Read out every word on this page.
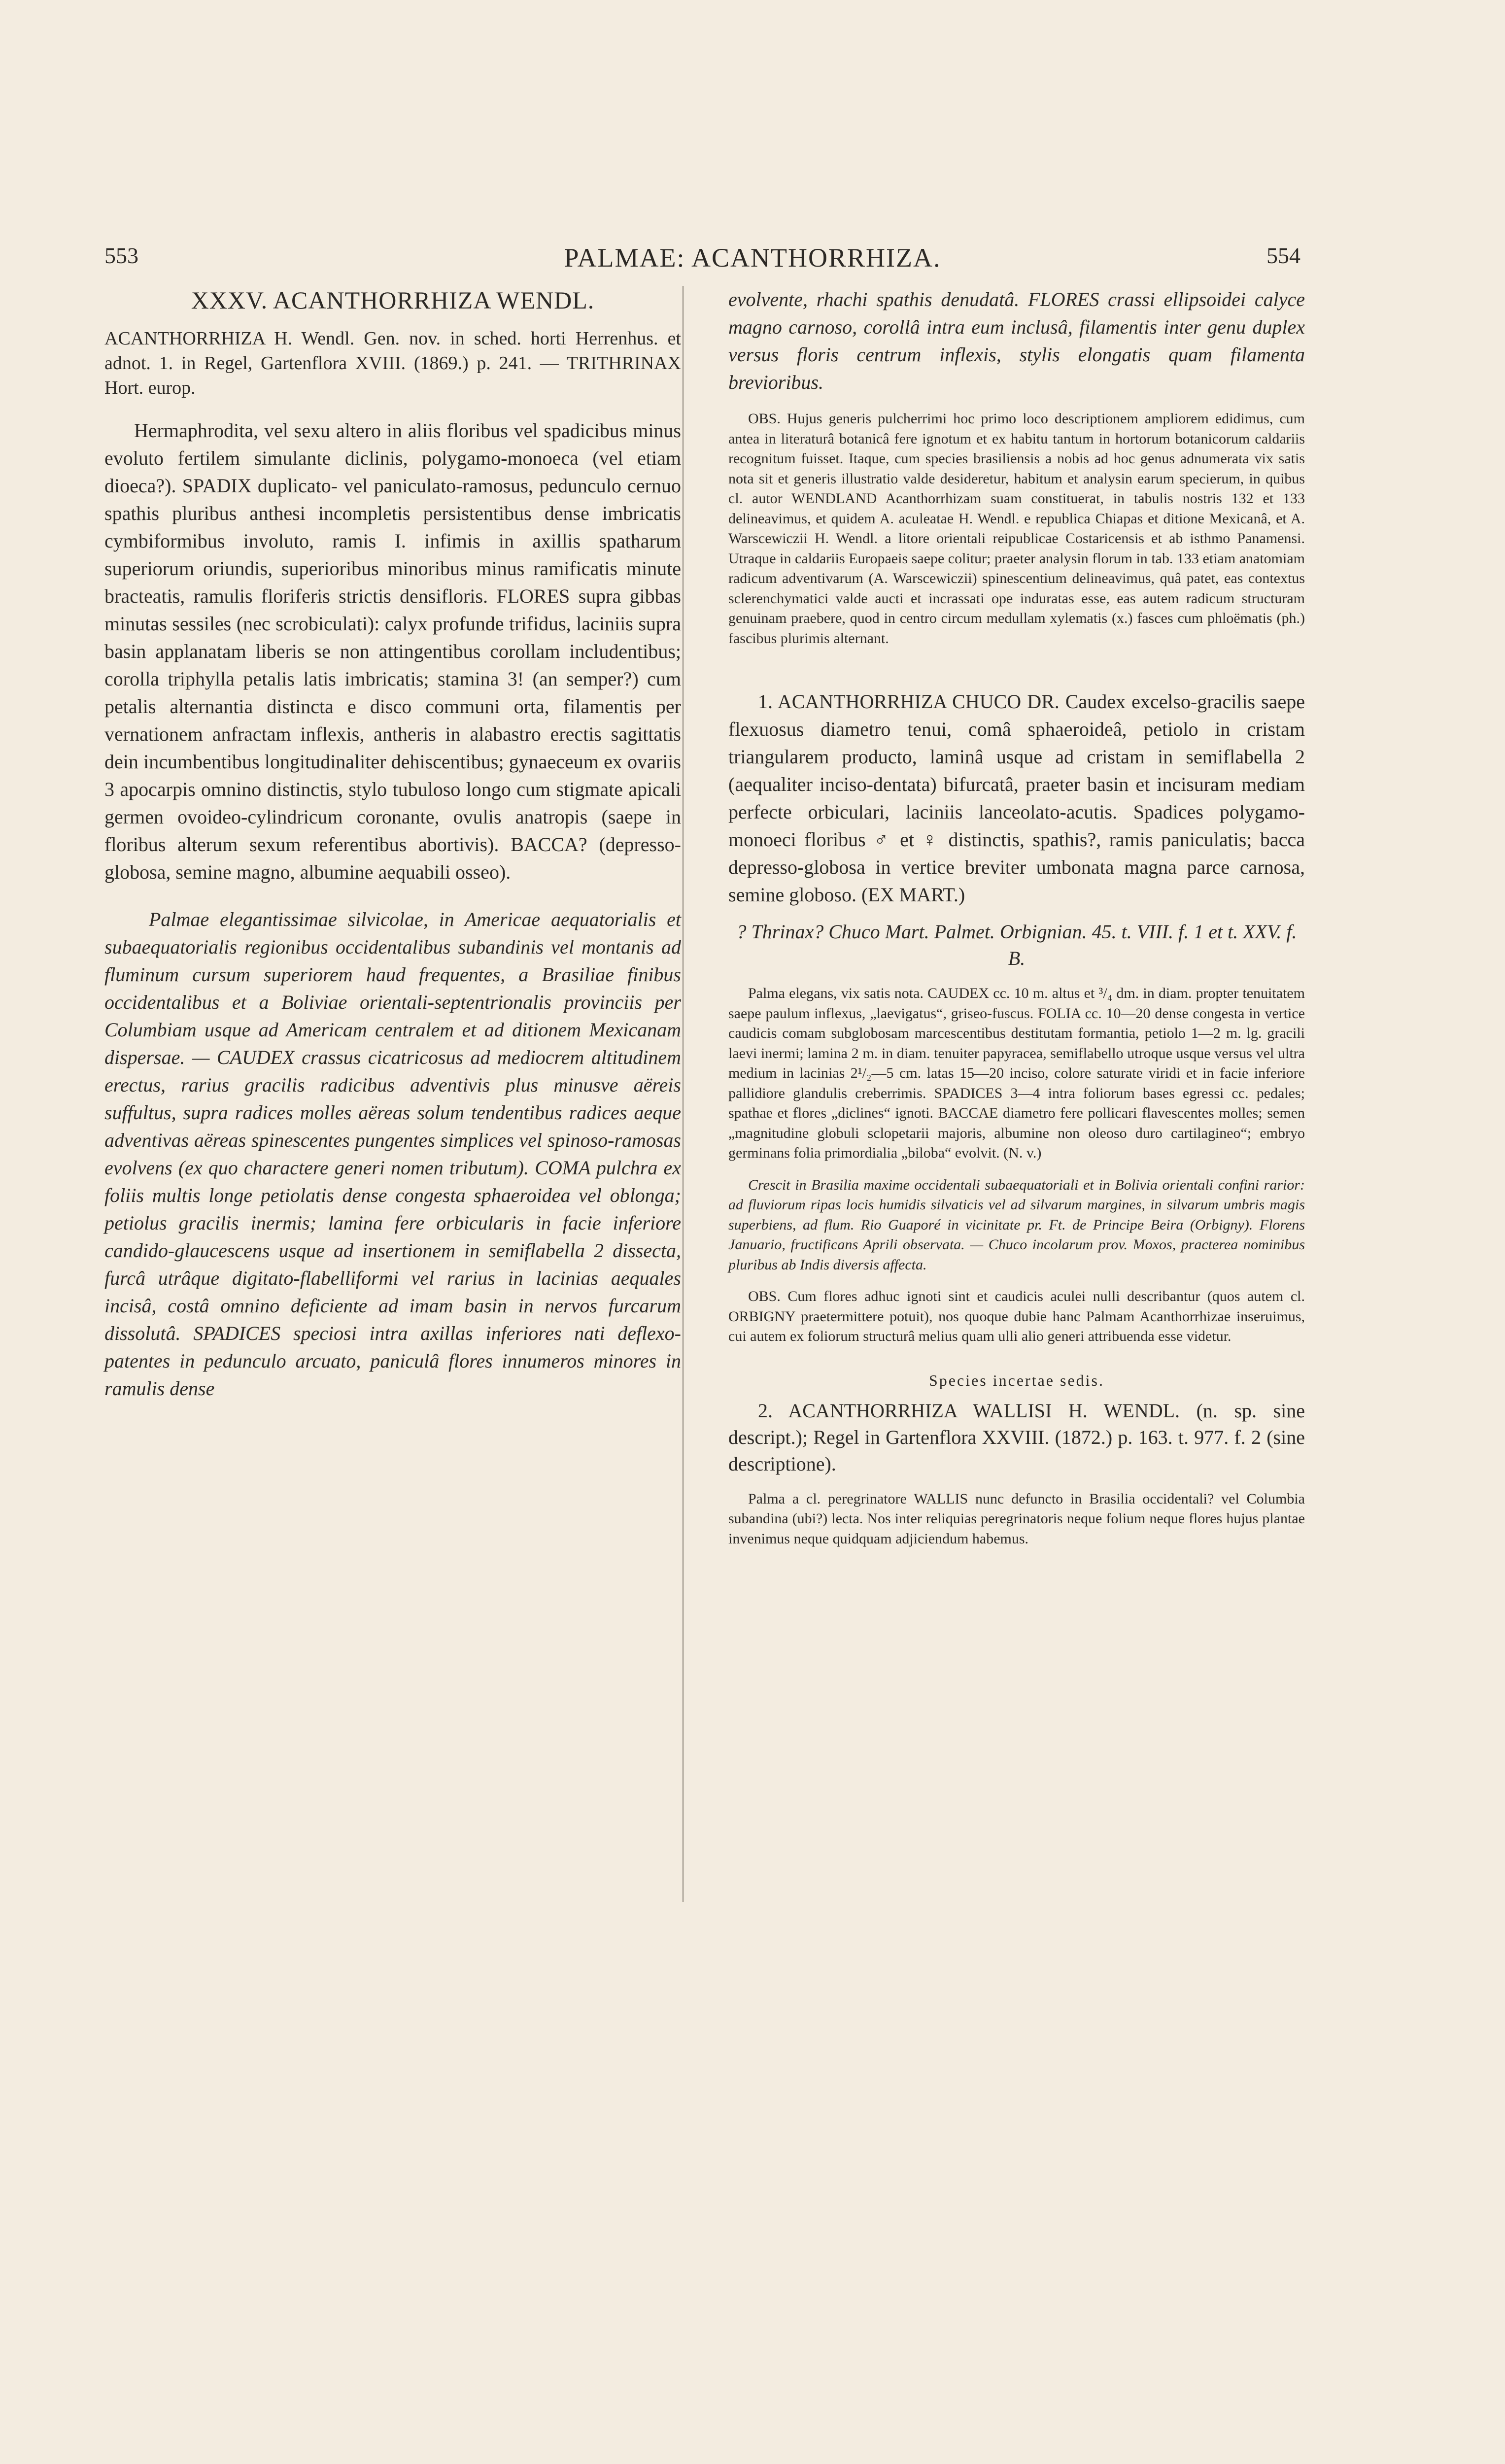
553	PALMAE: ACANTHORRHIZA.	554

XXXV. ACANTHORRHIZA WENDL.

ACANTHORRHIZA H. Wendl. Gen. nov. in sched. horti Herrenhus. et adnot. 1. in Regel, Gartenflora XVIII. (1869.) p. 241. — TRITHRINAX Hort. europ.

Hermaphrodita, vel sexu altero in aliis floribus vel spadicibus minus evoluto fertilem simulante diclinis, polygamo-monoeca (vel etiam dioeca?). SPADIX duplicato- vel paniculato-ramosus, pedunculo cernuo spathis pluribus anthesi incompletis persistentibus dense imbricatis cymbiformibus involuto, ramis I. infimis in axillis spatharum superiorum oriundis, superioribus minoribus minus ramificatis minute bracteatis, ramulis floriferis strictis densifloris. FLORES supra gibbas minutas sessiles (nec scrobiculati): calyx profunde trifidus, laciniis supra basin applanatam liberis se non attingentibus corollam includentibus; corolla triphylla petalis latis imbricatis; stamina 3! (an semper?) cum petalis alternantia distincta e disco communi orta, filamentis per vernationem anfractam inflexis, antheris in alabastro erectis sagittatis dein incumbentibus longitudinaliter dehiscentibus; gynaeceum ex ovariis 3 apocarpis omnino distinctis, stylo tubuloso longo cum stigmate apicali germen ovoideo-cylindricum coronante, ovulis anatropis (saepe in floribus alterum sexum referentibus abortivis). BACCA? (depresso-globosa, semine magno, albumine aequabili osseo).

Palmae elegantissimae silvicolae, in Americae aequatorialis et subaequatorialis regionibus occidentalibus subandinis vel montanis ad fluminum cursum superiorem haud frequentes, a Brasiliae finibus occidentalibus et a Boliviae orientali-septentrionalis provinciis per Columbiam usque ad Americam centralem et ad ditionem Mexicanam dispersae. — CAUDEX crassus cicatricosus ad mediocrem altitudinem erectus, rarius gracilis radicibus adventivis plus minusve aëreis suffultus, supra radices molles aëreas solum tendentibus radices aeque adventivas aëreas spinescentes pungentes simplices vel spinoso-ramosas evolvens (ex quo charactere generi nomen tributum). COMA pulchra ex foliis multis longe petiolatis dense congesta sphaeroidea vel oblonga; petiolus gracilis inermis; lamina fere orbicularis in facie inferiore candido-glaucescens usque ad insertionem in semiflabella 2 dissecta, furcâ utrâque digitato-flabelliformi vel rarius in lacinias aequales incisâ, costâ omnino deficiente ad imam basin in nervos furcarum dissolutâ. SPADICES speciosi intra axillas inferiores nati deflexo-patentes in pedunculo arcuato, paniculâ flores innumeros minores in ramulis dense

evolvente, rhachi spathis denudatâ. FLORES crassi ellipsoidei calyce magno carnoso, corollâ intra eum inclusâ, filamentis inter genu duplex versus floris centrum inflexis, stylis elongatis quam filamenta brevioribus.

OBS. Hujus generis pulcherrimi hoc primo loco descriptionem ampliorem edidimus, cum antea in literaturâ botanicâ fere ignotum et ex habitu tantum in hortorum botanicorum caldariis recognitum fuisset. Itaque, cum species brasiliensis a nobis ad hoc genus adnumerata vix satis nota sit et generis illustratio valde desideretur, habitum et analysin earum specierum, in quibus cl. autor WENDLAND Acanthorrhizam suam constituerat, in tabulis nostris 132 et 133 delineavimus, et quidem A. aculeatae H. Wendl. e republica Chiapas et ditione Mexicanâ, et A. Warscewiczii H. Wendl. a litore orientali reipublicae Costaricensis et ab isthmo Panamensi. Utraque in caldariis Europaeis saepe colitur; praeter analysin florum in tab. 133 etiam anatomiam radicum adventivarum (A. Warscewiczii) spinescentium delineavimus, quâ patet, eas contextus sclerenchymatici valde aucti et incrassati ope induratas esse, eas autem radicum structuram genuinam praebere, quod in centro circum medullam xylematis (x.) fasces cum phloëmatis (ph.) fascibus plurimis alternant.

1. ACANTHORRHIZA CHUCO DR. Caudex excelso-gracilis saepe flexuosus diametro tenui, comâ sphaeroideâ, petiolo in cristam triangularem producto, laminâ usque ad cristam in semiflabella 2 (aequaliter inciso-dentata) bifurcatâ, praeter basin et incisuram mediam perfecte orbiculari, laciniis lanceolato-acutis. Spadices polygamo-monoeci floribus ♂ et ♀ distinctis, spathis?, ramis paniculatis; bacca depresso-globosa in vertice breviter umbonata magna parce carnosa, semine globoso. (EX MART.)

? Thrinax? Chuco Mart. Palmet. Orbignian. 45. t. VIII. f. 1 et t. XXV. f. B.

Palma elegans, vix satis nota. CAUDEX cc. 10 m. altus et ³/₄ dm. in diam. propter tenuitatem saepe paulum inflexus, „laevigatus“, griseo-fuscus. FOLIA cc. 10—20 dense congesta in vertice caudicis comam subglobosam marcescentibus destitutam formantia, petiolo 1—2 m. lg. gracili laevi inermi; lamina 2 m. in diam. tenuiter papyracea, semiflabello utroque usque versus vel ultra medium in lacinias 2¹/₂—5 cm. latas 15—20 inciso, colore saturate viridi et in facie inferiore pallidiore glandulis creberrimis. SPADICES 3—4 intra foliorum bases egressi cc. pedales; spathae et flores „diclines“ ignoti. BACCAE diametro fere pollicari flavescentes molles; semen „magnitudine globuli sclopetarii majoris, albumine non oleoso duro cartilagineo“; embryo germinans folia primordialia „biloba“ evolvit. (N. v.)

Crescit in Brasilia maxime occidentali subaequatoriali et in Bolivia orientali confini rarior: ad fluviorum ripas locis humidis silvaticis vel ad silvarum margines, in silvarum umbris magis superbiens, ad flum. Rio Guaporé in vicinitate pr. Ft. de Principe Beira (Orbigny). Florens Januario, fructificans Aprili observata. — Chuco incolarum prov. Moxos, practerea nominibus pluribus ab Indis diversis affecta.

OBS. Cum flores adhuc ignoti sint et caudicis aculei nulli describantur (quos autem cl. ORBIGNY praetermittere potuit), nos quoque dubie hanc Palmam Acanthorrhizae inseruimus, cui autem ex foliorum structurâ melius quam ulli alio generi attribuenda esse videtur.

Species incertae sedis.

2. ACANTHORRHIZA WALLISI H. WENDL. (n. sp. sine descript.); Regel in Gartenflora XXVIII. (1872.) p. 163. t. 977. f. 2 (sine descriptione).

Palma a cl. peregrinatore WALLIS nunc defuncto in Brasilia occidentali? vel Columbia subandina (ubi?) lecta. Nos inter reliquias peregrinatoris neque folium neque flores hujus plantae invenimus neque quidquam adjiciendum habemus.
